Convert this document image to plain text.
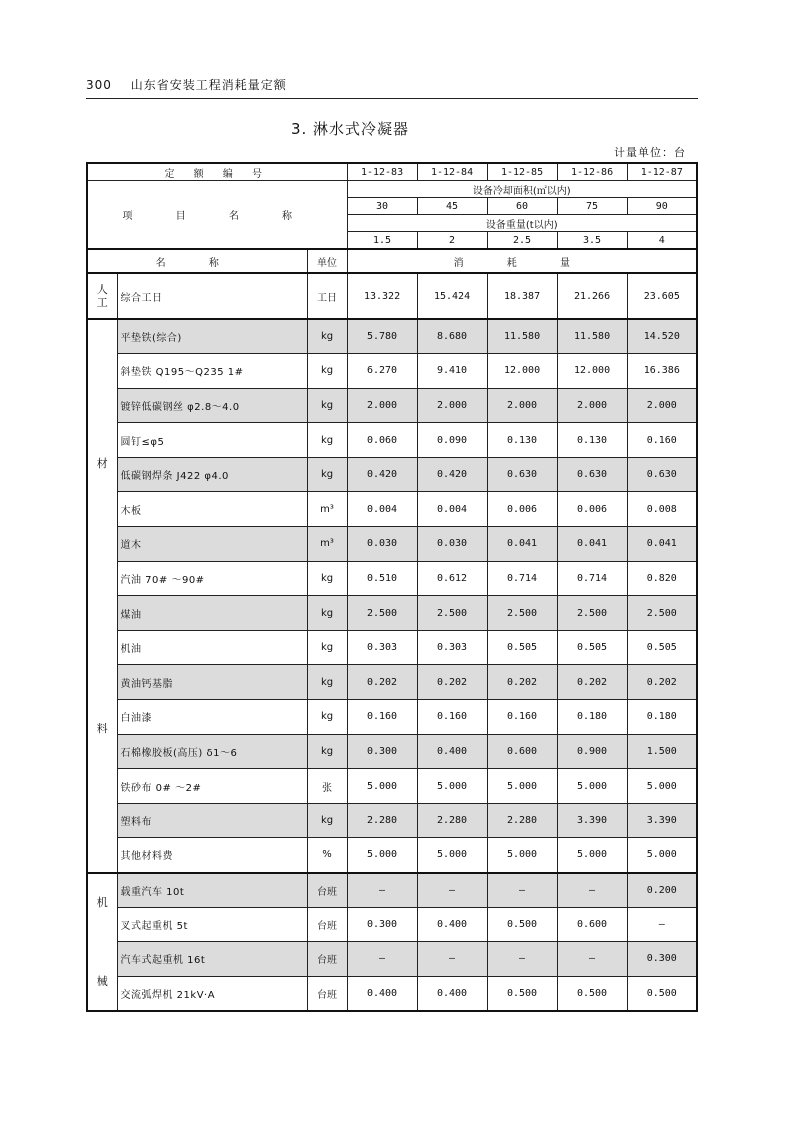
300 山东省安装工程消耗量定额
3. 淋水式冷凝器
计量单位：台
定 额 编 号			1-12-83	1-12-84	1-12-85	1-12-86	1-12-87
项 目 名 称			设备冷却面积(㎡以内)				
			30	45	60	75	90
			设备重量(t以内)				
			1.5	2	2.5	3.5	4
名 称		单位	消 耗 量				

人工	综合工日	工日	13.322	15.424	18.387	21.266	23.605

材
料	平垫铁(综合)	kg	5.780	8.680	11.580	11.580	14.520
	斜垫铁 Q195～Q235 1#	kg	6.270	9.410	12.000	12.000	16.386
	镀锌低碳钢丝 φ2.8～4.0	kg	2.000	2.000	2.000	2.000	2.000
	圆钉≤φ5	kg	0.060	0.090	0.130	0.130	0.160
	低碳钢焊条 J422 φ4.0	kg	0.420	0.420	0.630	0.630	0.630
	木板	m³	0.004	0.004	0.006	0.006	0.008
	道木	m³	0.030	0.030	0.041	0.041	0.041
	汽油 70# ～90#	kg	0.510	0.612	0.714	0.714	0.820
	煤油	kg	2.500	2.500	2.500	2.500	2.500
	机油	kg	0.303	0.303	0.505	0.505	0.505
	黄油钙基脂	kg	0.202	0.202	0.202	0.202	0.202
	白油漆	kg	0.160	0.160	0.160	0.180	0.180
	石棉橡胶板(高压) δ1～6	kg	0.300	0.400	0.600	0.900	1.500
	铁砂布 0# ～2#	张	5.000	5.000	5.000	5.000	5.000
	塑料布	kg	2.280	2.280	2.280	3.390	3.390
	其他材料费	%	5.000	5.000	5.000	5.000	5.000

机
械	载重汽车 10t	台班	—	—	—	—	0.200
	叉式起重机 5t	台班	0.300	0.400	0.500	0.600	—
	汽车式起重机 16t	台班	—	—	—	—	0.300
	交流弧焊机 21kV·A	台班	0.400	0.400	0.500	0.500	0.500
